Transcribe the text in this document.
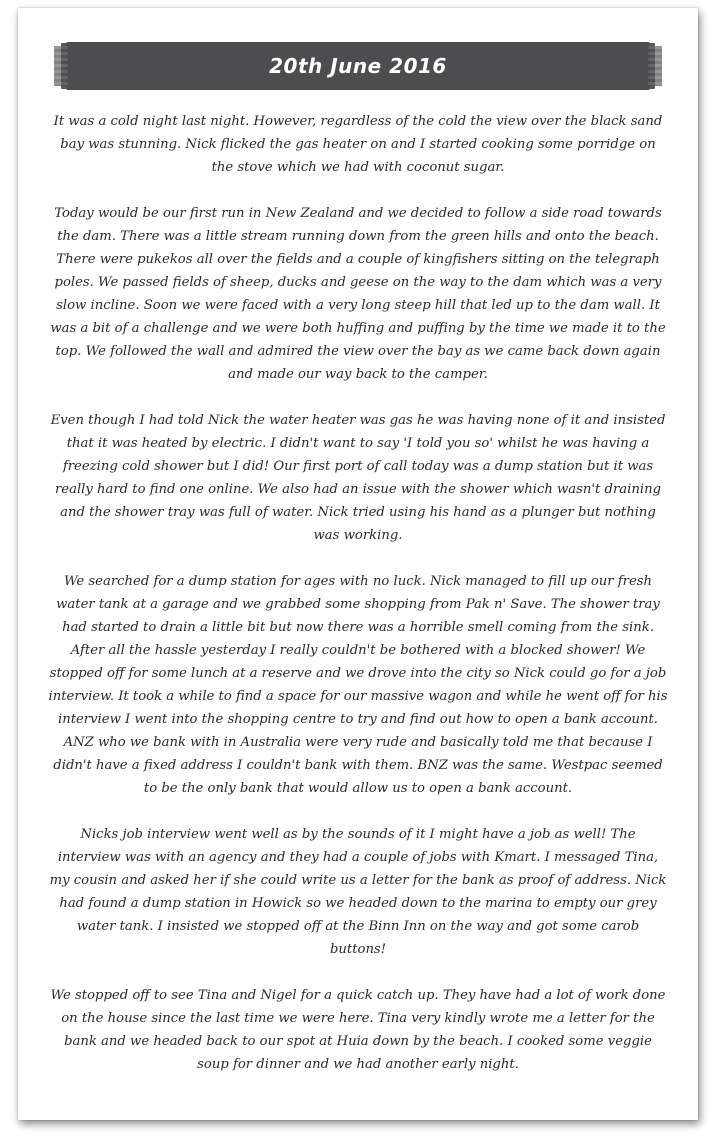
20th June 2016

It was a cold night last night. However, regardless of the cold the view over the black sand bay was stunning. Nick flicked the gas heater on and I started cooking some porridge on the stove which we had with coconut sugar.

Today would be our first run in New Zealand and we decided to follow a side road towards the dam. There was a little stream running down from the green hills and onto the beach. There were pukekos all over the fields and a couple of kingfishers sitting on the telegraph poles. We passed fields of sheep, ducks and geese on the way to the dam which was a very slow incline. Soon we were faced with a very long steep hill that led up to the dam wall. It was a bit of a challenge and we were both huffing and puffing by the time we made it to the top. We followed the wall and admired the view over the bay as we came back down again and made our way back to the camper.

Even though I had told Nick the water heater was gas he was having none of it and insisted that it was heated by electric. I didn't want to say 'I told you so' whilst he was having a freezing cold shower but I did! Our first port of call today was a dump station but it was really hard to find one online. We also had an issue with the shower which wasn't draining and the shower tray was full of water. Nick tried using his hand as a plunger but nothing was working.

We searched for a dump station for ages with no luck. Nick managed to fill up our fresh water tank at a garage and we grabbed some shopping from Pak n' Save. The shower tray had started to drain a little bit but now there was a horrible smell coming from the sink. After all the hassle yesterday I really couldn't be bothered with a blocked shower! We stopped off for some lunch at a reserve and we drove into the city so Nick could go for a job interview. It took a while to find a space for our massive wagon and while he went off for his interview I went into the shopping centre to try and find out how to open a bank account. ANZ who we bank with in Australia were very rude and basically told me that because I didn't have a fixed address I couldn't bank with them. BNZ was the same. Westpac seemed to be the only bank that would allow us to open a bank account.

Nicks job interview went well as by the sounds of it I might have a job as well! The interview was with an agency and they had a couple of jobs with Kmart. I messaged Tina, my cousin and asked her if she could write us a letter for the bank as proof of address. Nick had found a dump station in Howick so we headed down to the marina to empty our grey water tank. I insisted we stopped off at the Binn Inn on the way and got some carob buttons!

We stopped off to see Tina and Nigel for a quick catch up. They have had a lot of work done on the house since the last time we were here. Tina very kindly wrote me a letter for the bank and we headed back to our spot at Huia down by the beach. I cooked some veggie soup for dinner and we had another early night.
